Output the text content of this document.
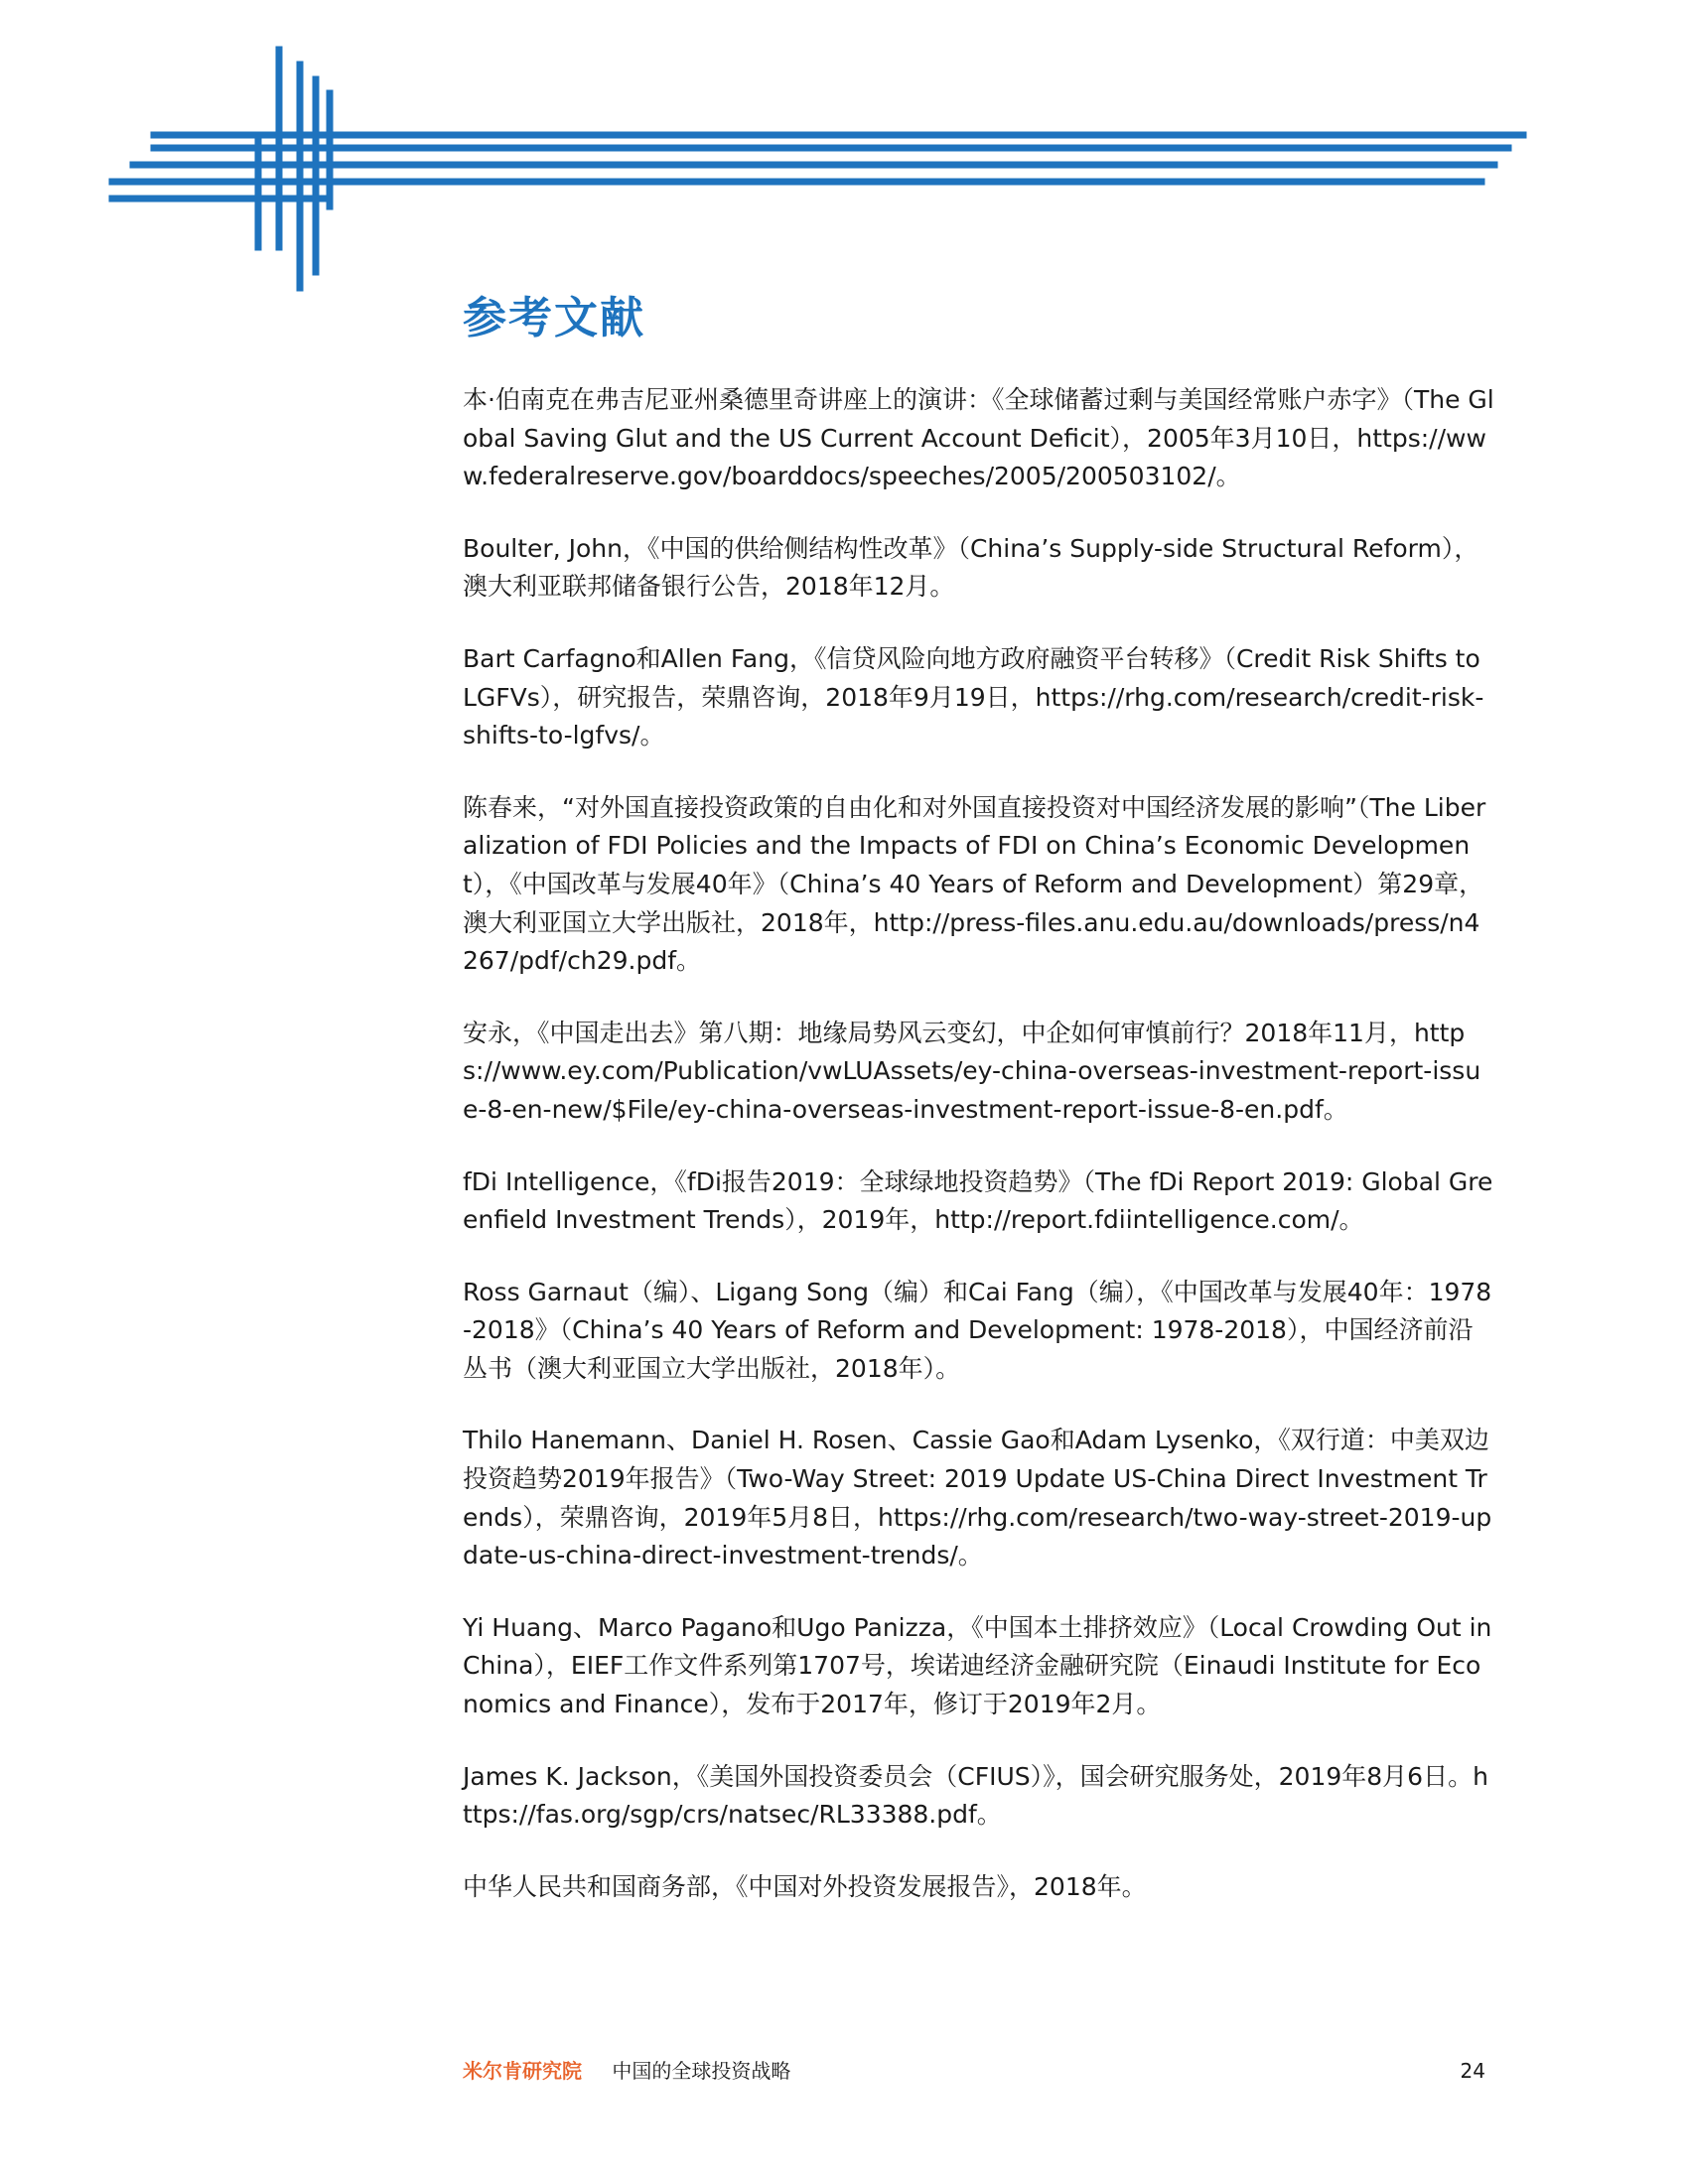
参考文献
本·伯南克在弗吉尼亚州桑德里奇讲座上的演讲：《全球储蓄过剩与美国经常账户赤字》（The Global Saving Glut and the US Current Account Deficit），2005年3月10日，https://www.federalreserve.gov/boarddocs/speeches/2005/200503102/。
Boulter, John，《中国的供给侧结构性改革》（China’s Supply-side Structural Reform），澳大利亚联邦储备银行公告，2018年12月。
Bart Carfagno和Allen Fang，《信贷风险向地方政府融资平台转移》（Credit Risk Shifts to LGFVs），研究报告，荣鼎咨询，2018年9月19日，https://rhg.com/research/credit-risk-shifts-to-lgfvs/。
陈春来，“对外国直接投资政策的自由化和对外国直接投资对中国经济发展的影响”（The Liberalization of FDI Policies and the Impacts of FDI on China’s Economic Development），《中国改革与发展40年》（China’s 40 Years of Reform and Development）第29章，澳大利亚国立大学出版社，2018年，http://press-files.anu.edu.au/downloads/press/n4267/pdf/ch29.pdf。
安永，《中国走出去》第八期：地缘局势风云变幻，中企如何审慎前行？2018年11月，https://www.ey.com/Publication/vwLUAssets/ey-china-overseas-investment-report-issue-8-en-new/$File/ey-china-overseas-investment-report-issue-8-en.pdf。
fDi Intelligence，《fDi报告2019：全球绿地投资趋势》（The fDi Report 2019: Global Greenfield Investment Trends），2019年，http://report.fdiintelligence.com/。
Ross Garnaut（编）、Ligang Song（编）和Cai Fang（编），《中国改革与发展40年：1978-2018》（China’s 40 Years of Reform and Development: 1978-2018），中国经济前沿丛书（澳大利亚国立大学出版社，2018年）。
Thilo Hanemann、Daniel H. Rosen、Cassie Gao和Adam Lysenko，《双行道：中美双边投资趋势2019年报告》（Two-Way Street: 2019 Update US-China Direct Investment Trends），荣鼎咨询，2019年5月8日，https://rhg.com/research/two-way-street-2019-update-us-china-direct-investment-trends/。
Yi Huang、Marco Pagano和Ugo Panizza，《中国本土排挤效应》（Local Crowding Out in China），EIEF工作文件系列第1707号，埃诺迪经济金融研究院（Einaudi Institute for Economics and Finance），发布于2017年，修订于2019年2月。
James K. Jackson，《美国外国投资委员会（CFIUS）》，国会研究服务处，2019年8月6日。https://fas.org/sgp/crs/natsec/RL33388.pdf。
中华人民共和国商务部，《中国对外投资发展报告》，2018年。
米尔肯研究院 中国的全球投资战略	24
